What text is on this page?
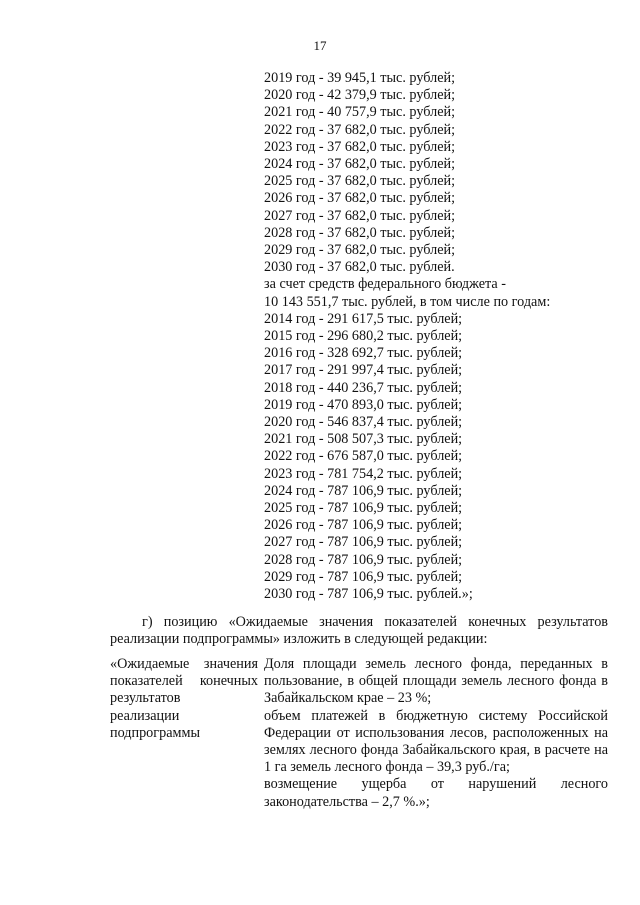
17
2019 год - 39 945,1 тыс. рублей;
2020 год - 42 379,9 тыс. рублей;
2021 год - 40 757,9 тыс. рублей;
2022 год - 37 682,0 тыс. рублей;
2023 год - 37 682,0 тыс. рублей;
2024 год - 37 682,0 тыс. рублей;
2025 год - 37 682,0 тыс. рублей;
2026 год - 37 682,0 тыс. рублей;
2027 год - 37 682,0 тыс. рублей;
2028 год - 37 682,0 тыс. рублей;
2029 год - 37 682,0 тыс. рублей;
2030 год - 37 682,0 тыс. рублей.
за счет средств федерального бюджета -
10 143 551,7 тыс. рублей, в том числе по годам:
2014 год - 291 617,5 тыс. рублей;
2015 год - 296 680,2 тыс. рублей;
2016 год - 328 692,7 тыс. рублей;
2017 год - 291 997,4 тыс. рублей;
2018 год - 440 236,7 тыс. рублей;
2019 год - 470 893,0 тыс. рублей;
2020 год - 546 837,4 тыс. рублей;
2021 год - 508 507,3 тыс. рублей;
2022 год - 676 587,0 тыс. рублей;
2023 год - 781 754,2 тыс. рублей;
2024 год - 787 106,9 тыс. рублей;
2025 год - 787 106,9 тыс. рублей;
2026 год - 787 106,9 тыс. рублей;
2027 год - 787 106,9 тыс. рублей;
2028 год - 787 106,9 тыс. рублей;
2029 год - 787 106,9 тыс. рублей;
2030 год - 787 106,9 тыс. рублей.»;
г) позицию «Ожидаемые значения показателей конечных результатов реализации подпрограммы» изложить в следующей редакции:
«Ожидаемые значения
показателей конечных
результатов
реализации
подпрограммы

Доля площади земель лесного фонда, переданных в пользование, в общей площади земель лесного фонда в Забайкальском крае – 23 %;

объем платежей в бюджетную систему Российской Федерации от использования лесов, расположенных на землях лесного фонда Забайкальского края, в расчете на 1 га земель лесного фонда – 39,3 руб./га;

возмещение ущерба от нарушений лесного законодательства – 2,7 %.»;
